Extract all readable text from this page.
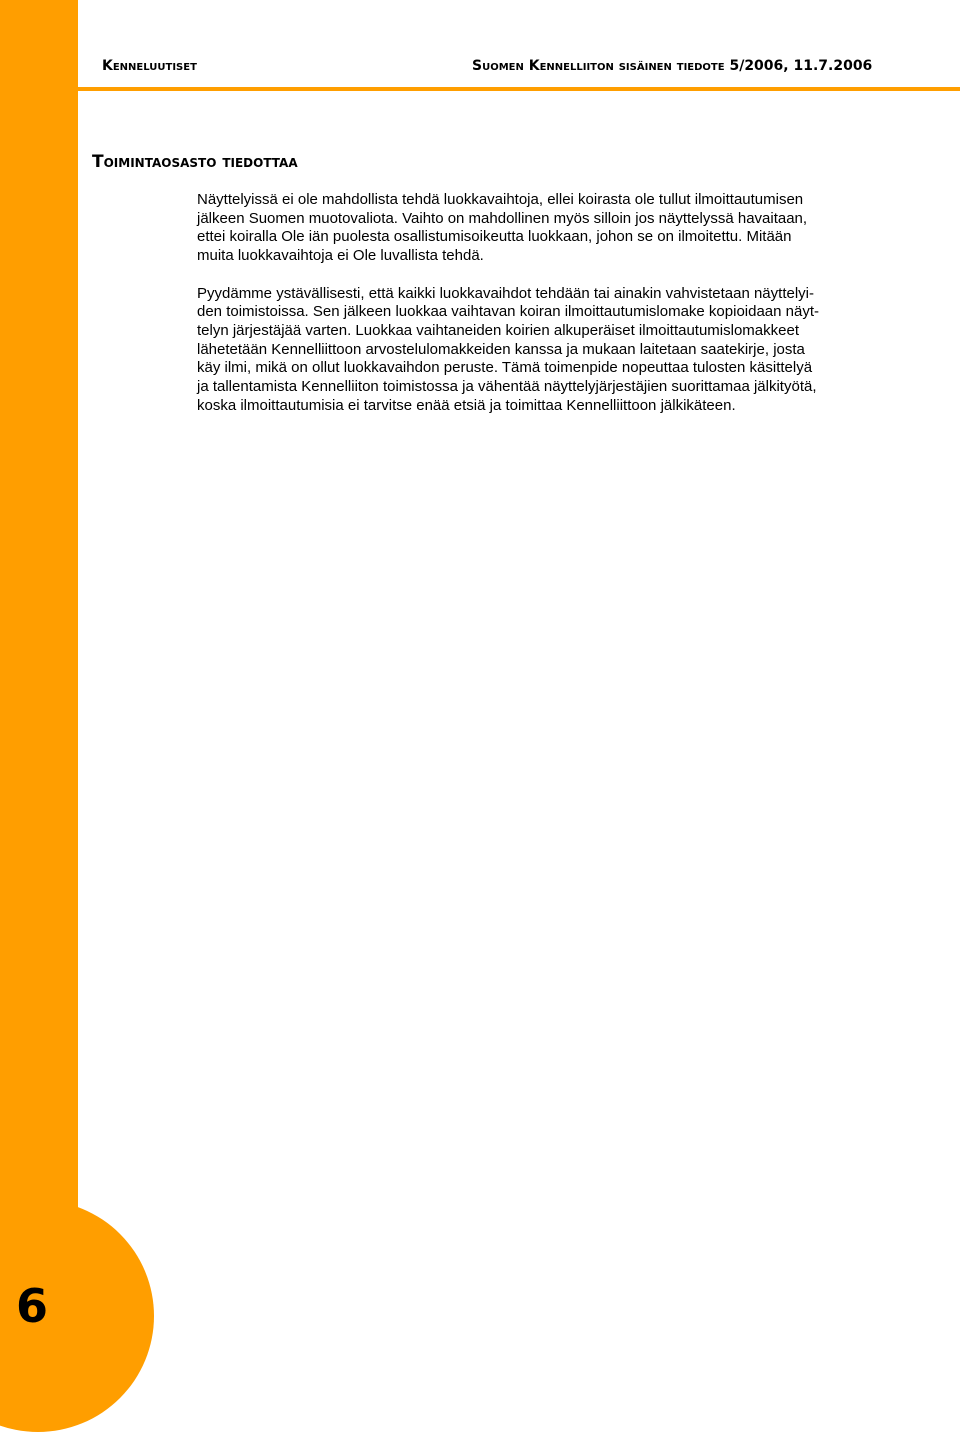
Kenneluutiset	Suomen Kennelliiton sisäinen tiedote 5/2006, 11.7.2006
Toimintaosasto tiedottaa

Näyttelyissä ei ole mahdollista tehdä luokkavaihtoja, ellei koirasta ole tullut ilmoittautumisen
jälkeen Suomen muotovaliota. Vaihto on mahdollinen myös silloin jos näyttelyssä havaitaan,
ettei koiralla Ole iän puolesta osallistumisoikeutta luokkaan, johon se on ilmoitettu. Mitään
muita luokkavaihtoja ei Ole luvallista tehdä.

Pyydämme ystävällisesti, että kaikki luokkavaihdot tehdään tai ainakin vahvistetaan näyttelyi-
den toimistoissa. Sen jälkeen luokkaa vaihtavan koiran ilmoittautumislomake kopioidaan näyt-
telyn järjestäjää varten. Luokkaa vaihtaneiden koirien alkuperäiset ilmoittautumislomakkeet
lähetetään Kennelliittoon arvostelulomakkeiden kanssa ja mukaan laitetaan saatekirje, josta
käy ilmi, mikä on ollut luokkavaihdon peruste. Tämä toimenpide nopeuttaa tulosten käsittelyä
ja tallentamista Kennelliiton toimistossa ja vähentää näyttelyjärjestäjien suorittamaa jälkityötä,
koska ilmoittautumisia ei tarvitse enää etsiä ja toimittaa Kennelliittoon jälkikäteen.

6
